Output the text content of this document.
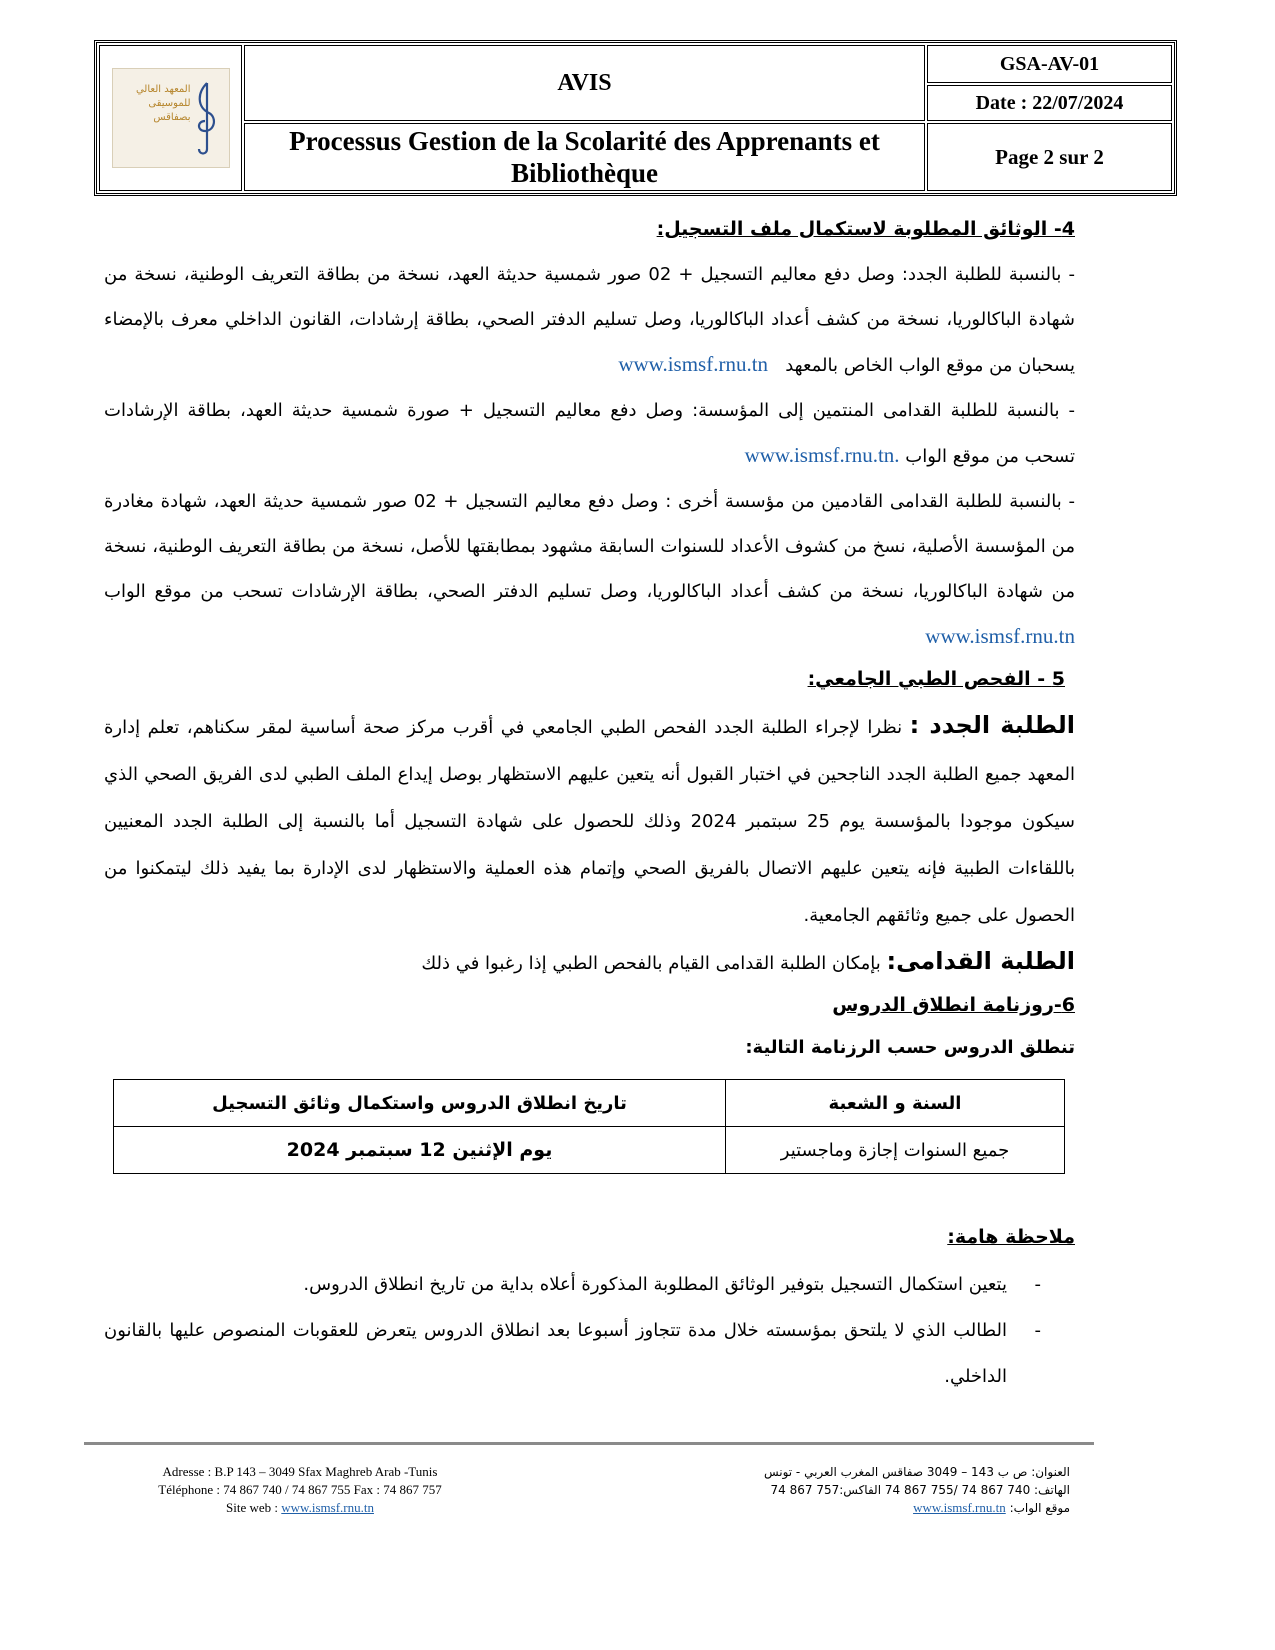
المعهد العالي
للموسيقى
بصفاقس
AVIS
Processus Gestion de la Scolarité des Apprenants et Bibliothèque
GSA-AV-01
Date : 22/07/2024
Page 2 sur 2
4- الوثائق المطلوبة لاستكمال ملف التسجيل:
- بالنسبة للطلبة الجدد: وصل دفع معاليم التسجيل + 02 صور شمسية حديثة العهد، نسخة من بطاقة التعريف الوطنية، نسخة من شهادة الباكالوريا، نسخة من كشف أعداد الباكالوريا، وصل تسليم الدفتر الصحي، بطاقة إرشادات، القانون الداخلي معرف بالإمضاء يسحبان من موقع الواب الخاص بالمعهد   www.ismsf.rnu.tn
- بالنسبة للطلبة القدامى المنتمين إلى المؤسسة: وصل دفع معاليم التسجيل + صورة شمسية حديثة العهد، بطاقة الإرشادات تسحب من موقع الواب www.ismsf.rnu.tn.
- بالنسبة للطلبة القدامى القادمين من مؤسسة أخرى : وصل دفع معاليم التسجيل + 02 صور شمسية حديثة العهد، شهادة مغادرة من المؤسسة الأصلية، نسخ من كشوف الأعداد للسنوات السابقة مشهود بمطابقتها للأصل، نسخة من بطاقة التعريف الوطنية، نسخة من شهادة الباكالوريا، نسخة من كشف أعداد الباكالوريا، وصل تسليم الدفتر الصحي، بطاقة الإرشادات تسحب من موقع الواب www.ismsf.rnu.tn
5 - الفحص الطبي الجامعي:
الطلبة الجدد : نظرا لإجراء الطلبة الجدد الفحص الطبي الجامعي في أقرب مركز صحة أساسية لمقر سكناهم، تعلم إدارة المعهد جميع الطلبة الجدد الناجحين في اختبار القبول أنه يتعين عليهم الاستظهار بوصل إيداع الملف الطبي لدى الفريق الصحي الذي سيكون موجودا بالمؤسسة يوم 25 سبتمبر 2024 وذلك للحصول على شهادة التسجيل أما بالنسبة إلى الطلبة الجدد المعنيين باللقاءات الطبية فإنه يتعين عليهم الاتصال بالفريق الصحي وإتمام هذه العملية والاستظهار لدى الإدارة بما يفيد ذلك ليتمكنوا من الحصول على جميع وثائقهم الجامعية.
الطلبة القدامى: بإمكان الطلبة القدامى القيام بالفحص الطبي إذا رغبوا في ذلك
6-روزنامة انطلاق الدروس
تنطلق الدروس حسب الرزنامة التالية:
السنة و الشعبة	تاريخ انطلاق الدروس واستكمال وثائق التسجيل
جميع السنوات إجازة وماجستير	يوم الإثنين 12 سبتمبر 2024
ملاحظة هامة:
-
يتعين استكمال التسجيل بتوفير الوثائق المطلوبة المذكورة أعلاه بداية من تاريخ انطلاق الدروس.
-
الطالب الذي لا يلتحق بمؤسسته خلال مدة تتجاوز أسبوعا بعد انطلاق الدروس يتعرض للعقوبات المنصوص عليها بالقانون الداخلي.
Adresse : B.P 143 – 3049 Sfax Maghreb Arab -Tunis
Téléphone : 74 867 740 / 74 867 755 Fax : 74 867 757
Site web : www.ismsf.rnu.tn
العنوان: ص ب 143 – 3049 صفاقس المغرب العربي - تونس
الهاتف: 740 867 74 /755 867 74 الفاكس:757 867 74
موقع الواب: www.ismsf.rnu.tn
